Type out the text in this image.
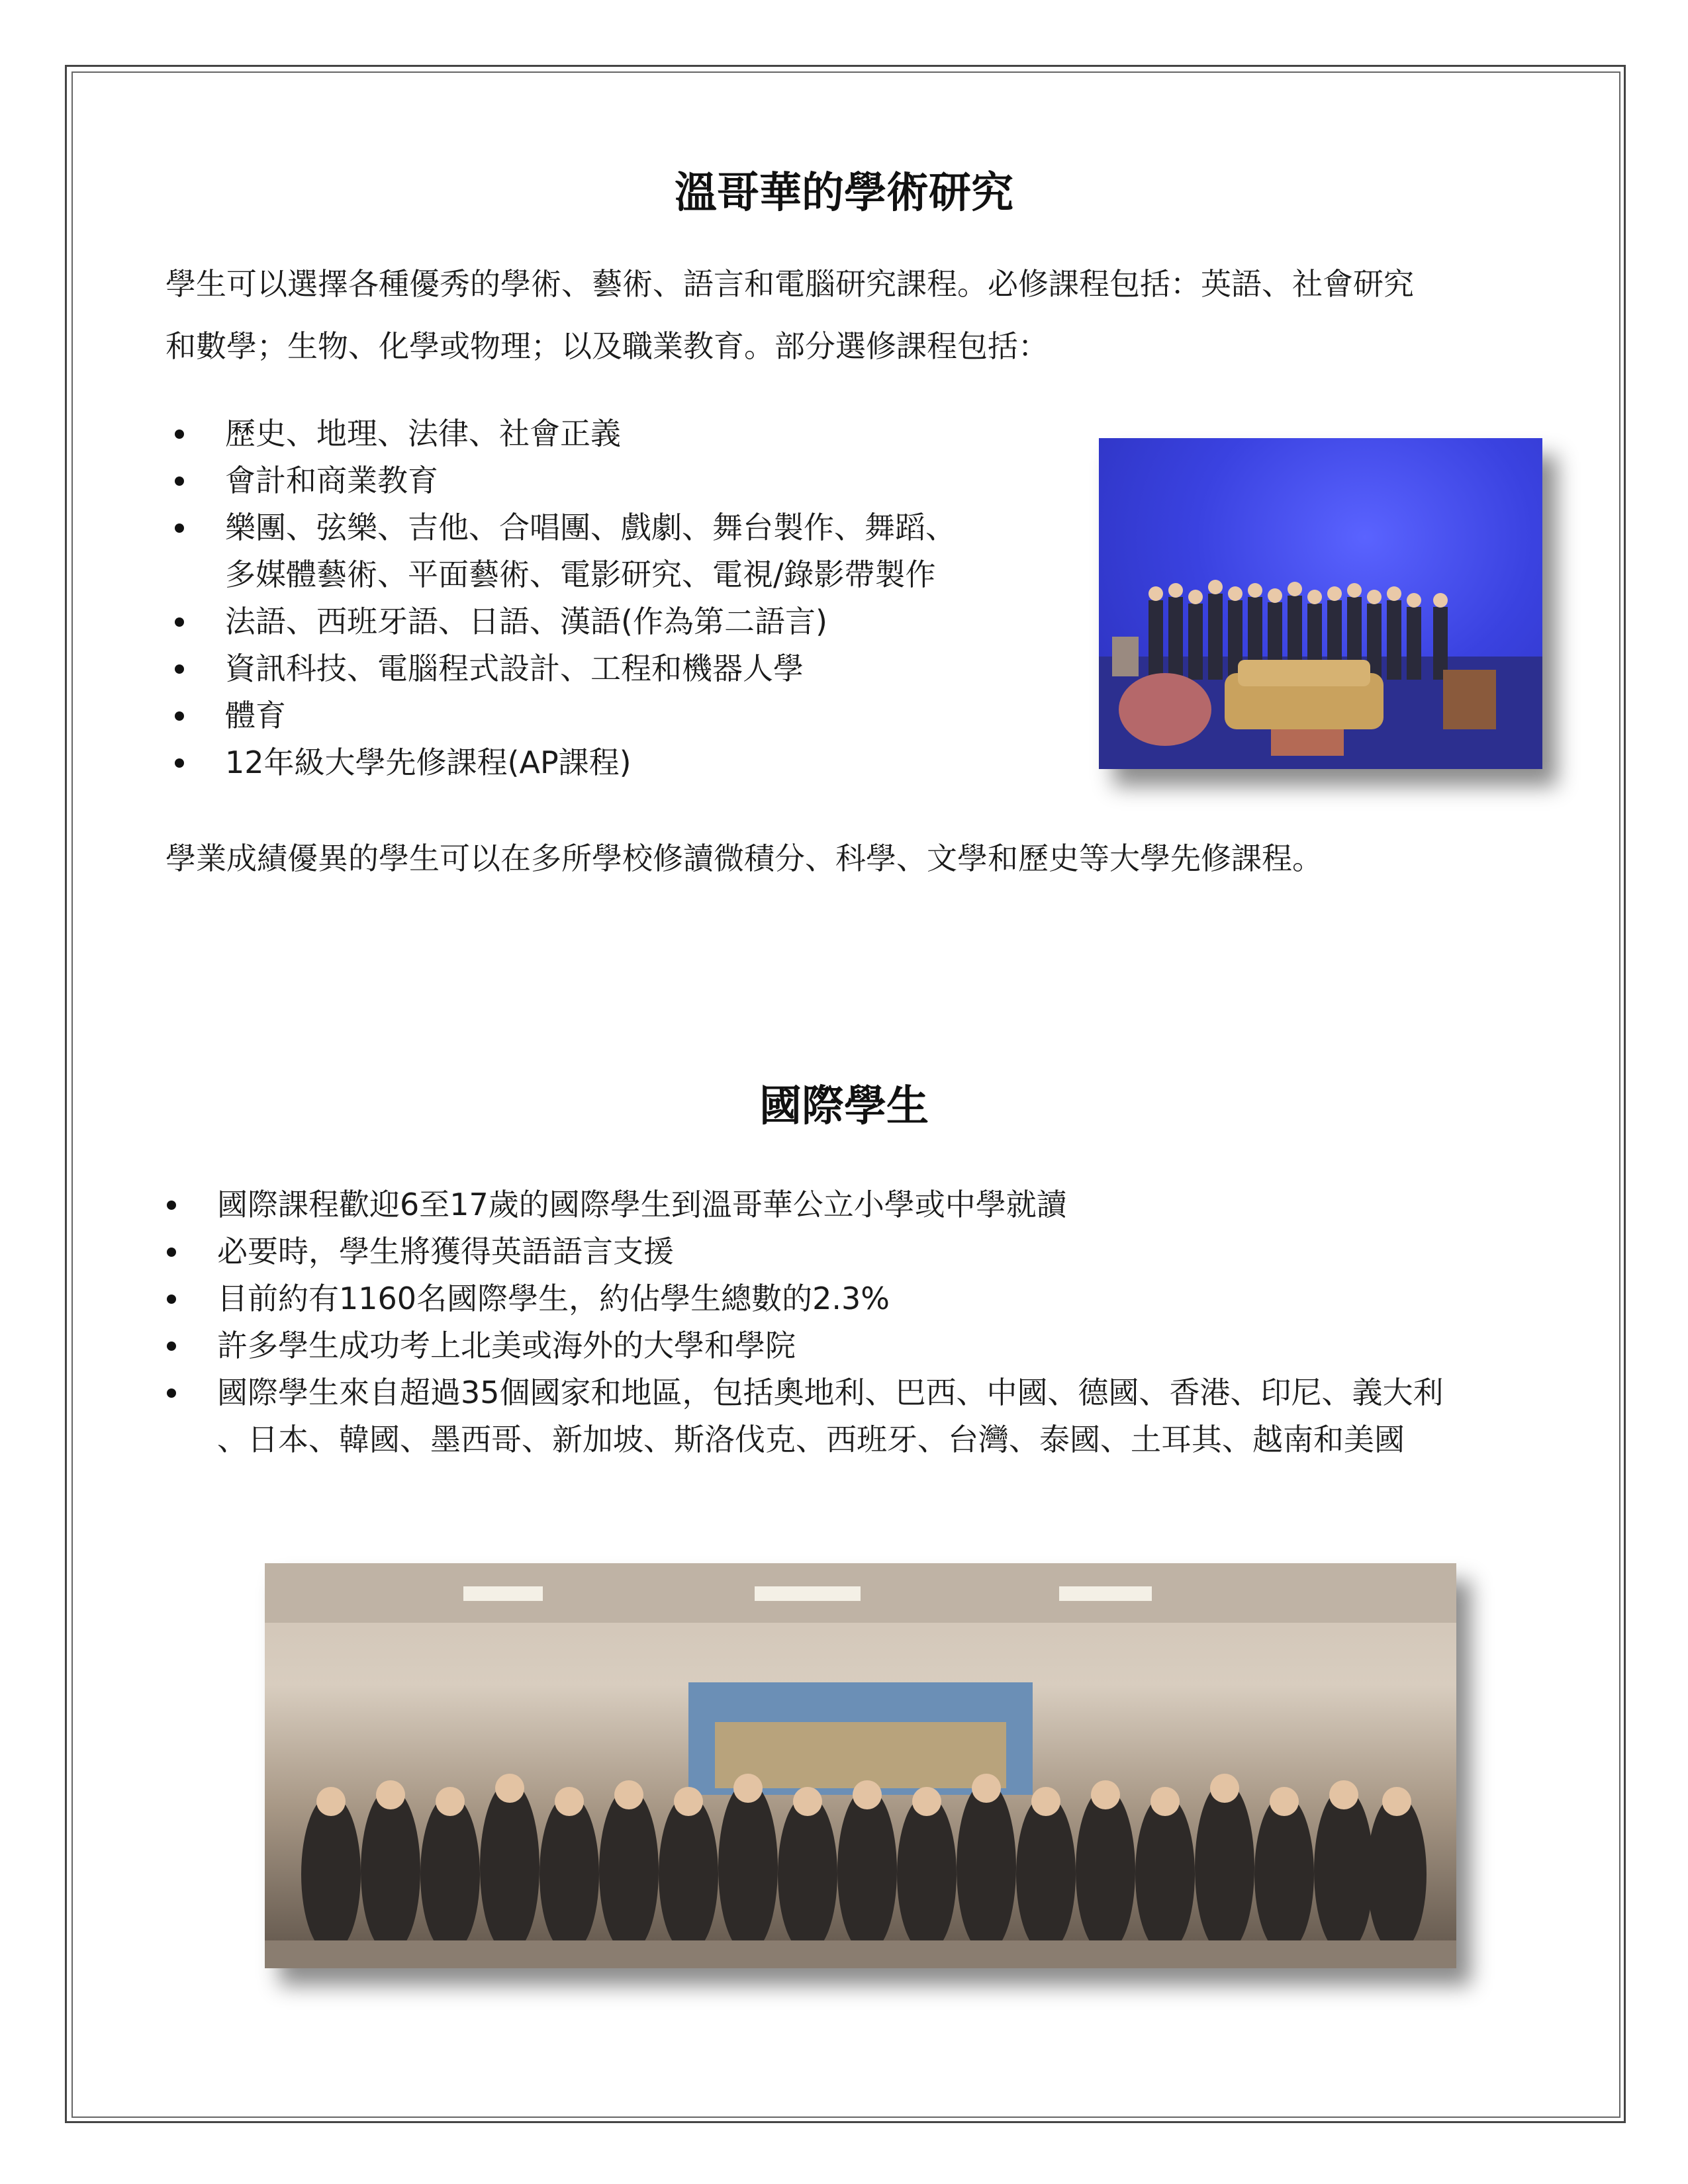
溫哥華的學術研究

學生可以選擇各種優秀的學術、藝術、語言和電腦研究課程。必修課程包括：英語、社會研究

和數學；生物、化學或物理；以及職業教育。部分選修課程包括：

歷史、地理、法律、社會正義
會計和商業教育
樂團、弦樂、吉他、合唱團、戲劇、舞台製作、舞蹈、
多媒體藝術、平面藝術、電影研究、電視/錄影帶製作
法語、西班牙語、日語、漢語(作為第二語言)
資訊科技、電腦程式設計、工程和機器人學
體育
12年級大學先修課程(AP課程)

學業成績優異的學生可以在多所學校修讀微積分、科學、文學和歷史等大學先修課程。

國際學生
國際課程歡迎6至17歲的國際學生到溫哥華公立小學或中學就讀
必要時，學生將獲得英語語言支援
目前約有1160名國際學生，約佔學生總數的2.3%
許多學生成功考上北美或海外的大學和學院
國際學生來自超過35個國家和地區，包括奧地利、巴西、中國、德國、香港、印尼、義大利
、日本、韓國、墨西哥、新加坡、斯洛伐克、西班牙、台灣、泰國、土耳其、越南和美國
